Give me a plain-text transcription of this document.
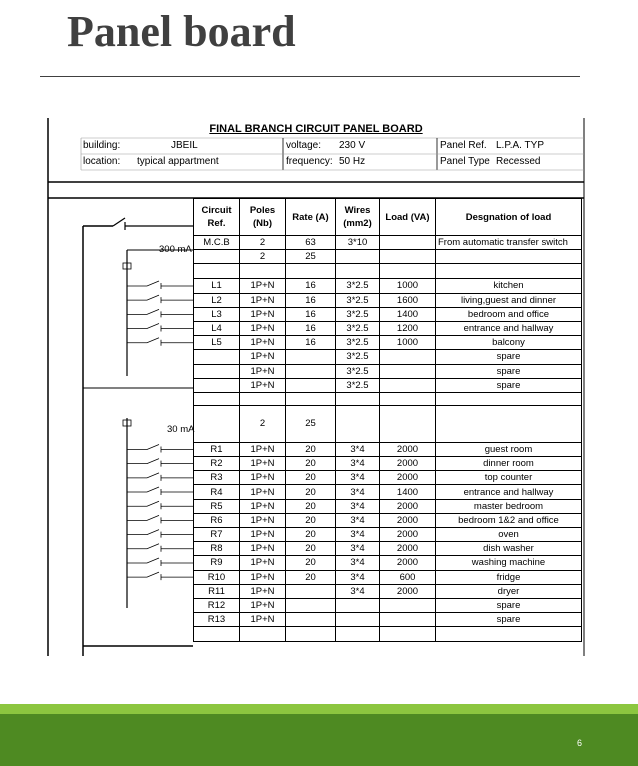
Panel board
FINAL BRANCH CIRCUIT PANEL BOARD
building:	JBEIL
location: typical appartment
voltage: 230 V
frequency: 50 Hz
Panel Ref. L.P.A. TYP
Panel Type Recessed
300 mA
30 mA
Circuit Ref.	Poles (Nb)	Rate (A)	Wires (mm2)	Load (VA)	Desgnation of load
M.C.B	2	63	3*10		From automatic transfer switch
	2	25			

L1	1P+N	16	3*2.5	1000	kitchen
L2	1P+N	16	3*2.5	1600	living,guest and dinner
L3	1P+N	16	3*2.5	1400	bedroom and office
L4	1P+N	16	3*2.5	1200	entrance and hallway
L5	1P+N	16	3*2.5	1000	balcony
	1P+N		3*2.5		spare
	1P+N		3*2.5		spare
	1P+N		3*2.5		spare

	2	25			
R1	1P+N	20	3*4	2000	guest room
R2	1P+N	20	3*4	2000	dinner room
R3	1P+N	20	3*4	2000	top counter
R4	1P+N	20	3*4	1400	entrance and hallway
R5	1P+N	20	3*4	2000	master bedroom
R6	1P+N	20	3*4	2000	bedroom 1&2 and office
R7	1P+N	20	3*4	2000	oven
R8	1P+N	20	3*4	2000	dish washer
R9	1P+N	20	3*4	2000	washing machine
R10	1P+N	20	3*4	600	fridge
R11	1P+N		3*4	2000	dryer
R12	1P+N				spare
R13	1P+N				spare

6
